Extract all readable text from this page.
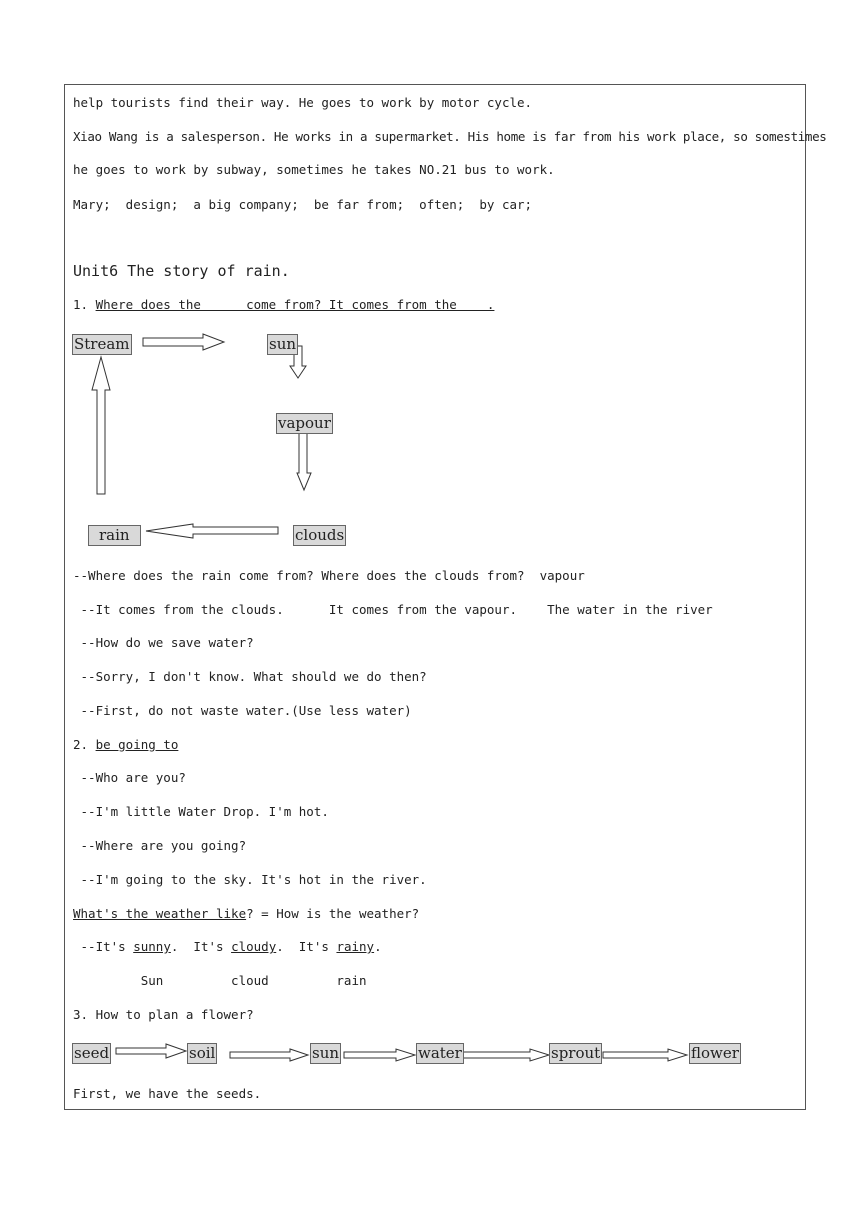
help tourists find their way. He goes to work by motor cycle.
Xiao Wang is a salesperson. He works in a supermarket. His home is far from his work place, so somestimes
he goes to work by subway, sometimes he takes NO.21 bus to work.
Mary;  design;  a big company;  be far from;  often;  by car;
Unit6 The story of rain.
1. Where does the      come from? It comes from the    .
Stream	sun
vapour
clouds
rain
--Where does the rain come from? Where does the clouds from?  vapour
--It comes from the clouds.      It comes from the vapour.    The water in the river
--How do we save water?
--Sorry, I don't know. What should we do then?
--First, do not waste water.(Use less water)
2. be going to
--Who are you?
--I'm little Water Drop. I'm hot.
--Where are you going?
--I'm going to the sky. It's hot in the river.
What's the weather like? = How is the weather?
--It's sunny.  It's cloudy.  It's rainy.
Sun         cloud         rain
3. How to plan a flower?
seed	soil	sun	water	sprout	flower
First, we have the seeds.
